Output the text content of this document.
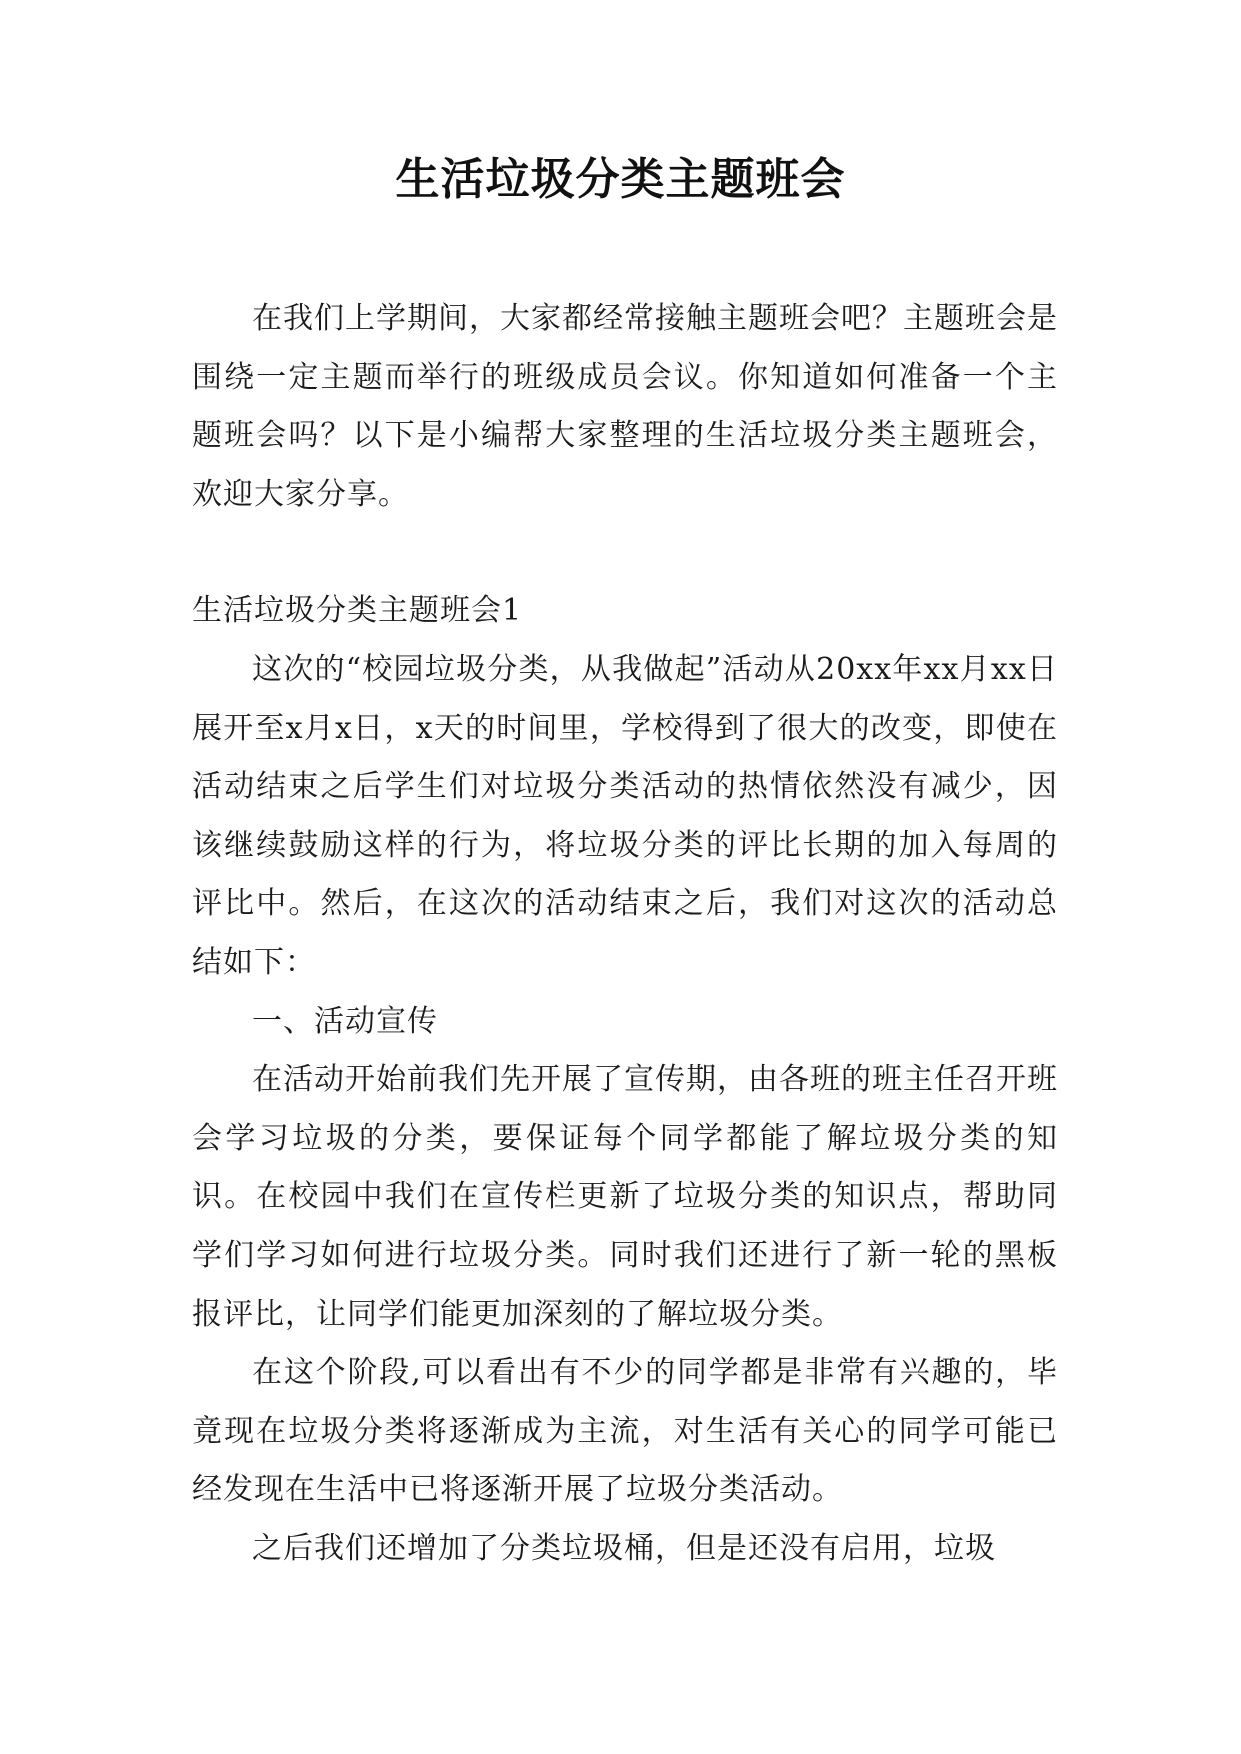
生活垃圾分类主题班会

在我们上学期间，大家都经常接触主题班会吧？主题班会是围绕一定主题而举行的班级成员会议。你知道如何准备一个主题班会吗？以下是小编帮大家整理的生活垃圾分类主题班会，欢迎大家分享。

生活垃圾分类主题班会1

这次的“校园垃圾分类，从我做起”活动从20xx年xx月xx日展开至x月x日，x天的时间里，学校得到了很大的改变，即使在活动结束之后学生们对垃圾分类活动的热情依然没有减少，因该继续鼓励这样的行为，将垃圾分类的评比长期的加入每周的评比中。然后，在这次的活动结束之后，我们对这次的活动总结如下：

一、活动宣传

在活动开始前我们先开展了宣传期，由各班的班主任召开班会学习垃圾的分类，要保证每个同学都能了解垃圾分类的知识。在校园中我们在宣传栏更新了垃圾分类的知识点，帮助同学们学习如何进行垃圾分类。同时我们还进行了新一轮的黑板报评比，让同学们能更加深刻的了解垃圾分类。

在这个阶段,可以看出有不少的同学都是非常有兴趣的，毕竟现在垃圾分类将逐渐成为主流，对生活有关心的同学可能已经发现在生活中已将逐渐开展了垃圾分类活动。

之后我们还增加了分类垃圾桶，但是还没有启用，垃圾
